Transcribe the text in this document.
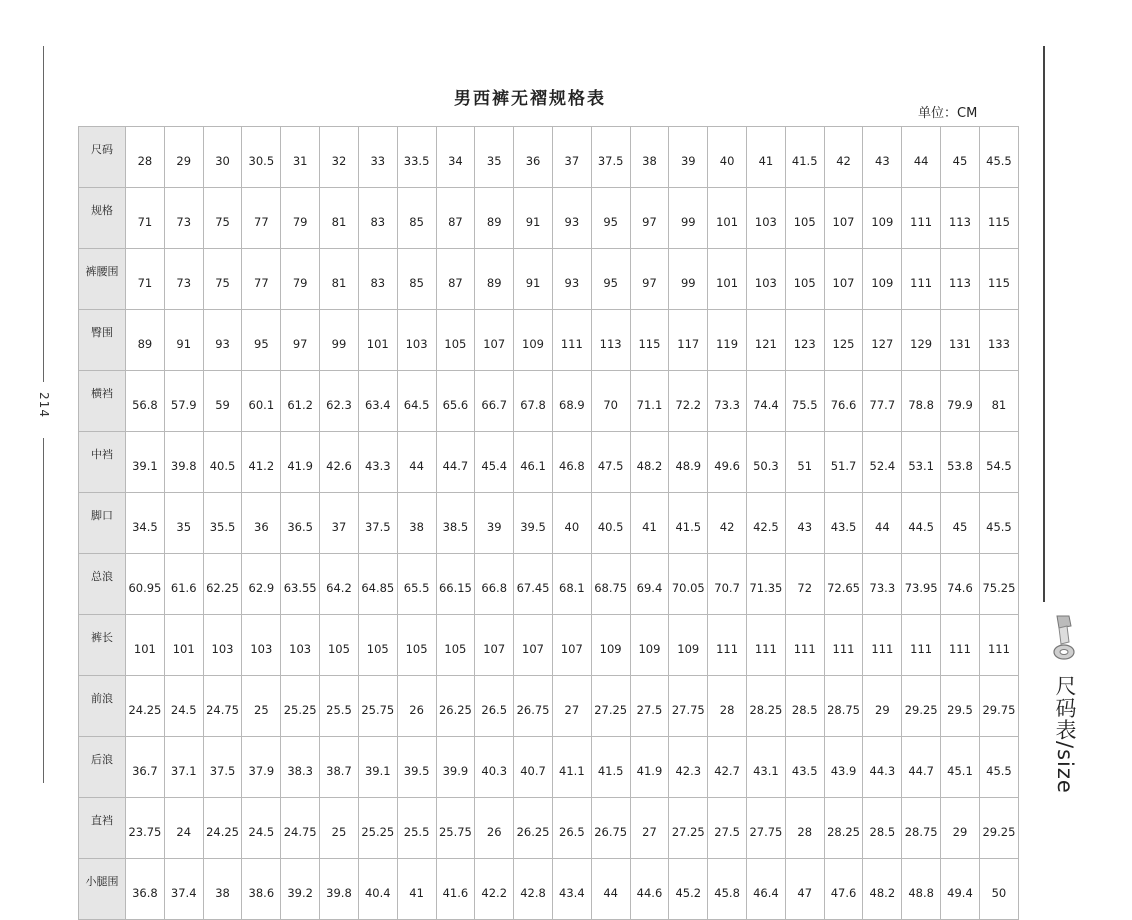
214
尺码表/size
男西裤无褶规格表
单位：CM
尺码	28	29	30	30.5	31	32	33	33.5	34	35	36	37	37.5	38	39	40	41	41.5	42	43	44	45	45.5
规格	71	73	75	77	79	81	83	85	87	89	91	93	95	97	99	101	103	105	107	109	111	113	115
裤腰围	71	73	75	77	79	81	83	85	87	89	91	93	95	97	99	101	103	105	107	109	111	113	115
臀围	89	91	93	95	97	99	101	103	105	107	109	111	113	115	117	119	121	123	125	127	129	131	133
横裆	56.8	57.9	59	60.1	61.2	62.3	63.4	64.5	65.6	66.7	67.8	68.9	70	71.1	72.2	73.3	74.4	75.5	76.6	77.7	78.8	79.9	81
中裆	39.1	39.8	40.5	41.2	41.9	42.6	43.3	44	44.7	45.4	46.1	46.8	47.5	48.2	48.9	49.6	50.3	51	51.7	52.4	53.1	53.8	54.5
脚口	34.5	35	35.5	36	36.5	37	37.5	38	38.5	39	39.5	40	40.5	41	41.5	42	42.5	43	43.5	44	44.5	45	45.5
总浪	60.95	61.6	62.25	62.9	63.55	64.2	64.85	65.5	66.15	66.8	67.45	68.1	68.75	69.4	70.05	70.7	71.35	72	72.65	73.3	73.95	74.6	75.25
裤长	101	101	103	103	103	105	105	105	105	107	107	107	109	109	109	111	111	111	111	111	111	111	111
前浪	24.25	24.5	24.75	25	25.25	25.5	25.75	26	26.25	26.5	26.75	27	27.25	27.5	27.75	28	28.25	28.5	28.75	29	29.25	29.5	29.75
后浪	36.7	37.1	37.5	37.9	38.3	38.7	39.1	39.5	39.9	40.3	40.7	41.1	41.5	41.9	42.3	42.7	43.1	43.5	43.9	44.3	44.7	45.1	45.5
直裆	23.75	24	24.25	24.5	24.75	25	25.25	25.5	25.75	26	26.25	26.5	26.75	27	27.25	27.5	27.75	28	28.25	28.5	28.75	29	29.25
小腿围	36.8	37.4	38	38.6	39.2	39.8	40.4	41	41.6	42.2	42.8	43.4	44	44.6	45.2	45.8	46.4	47	47.6	48.2	48.8	49.4	50
